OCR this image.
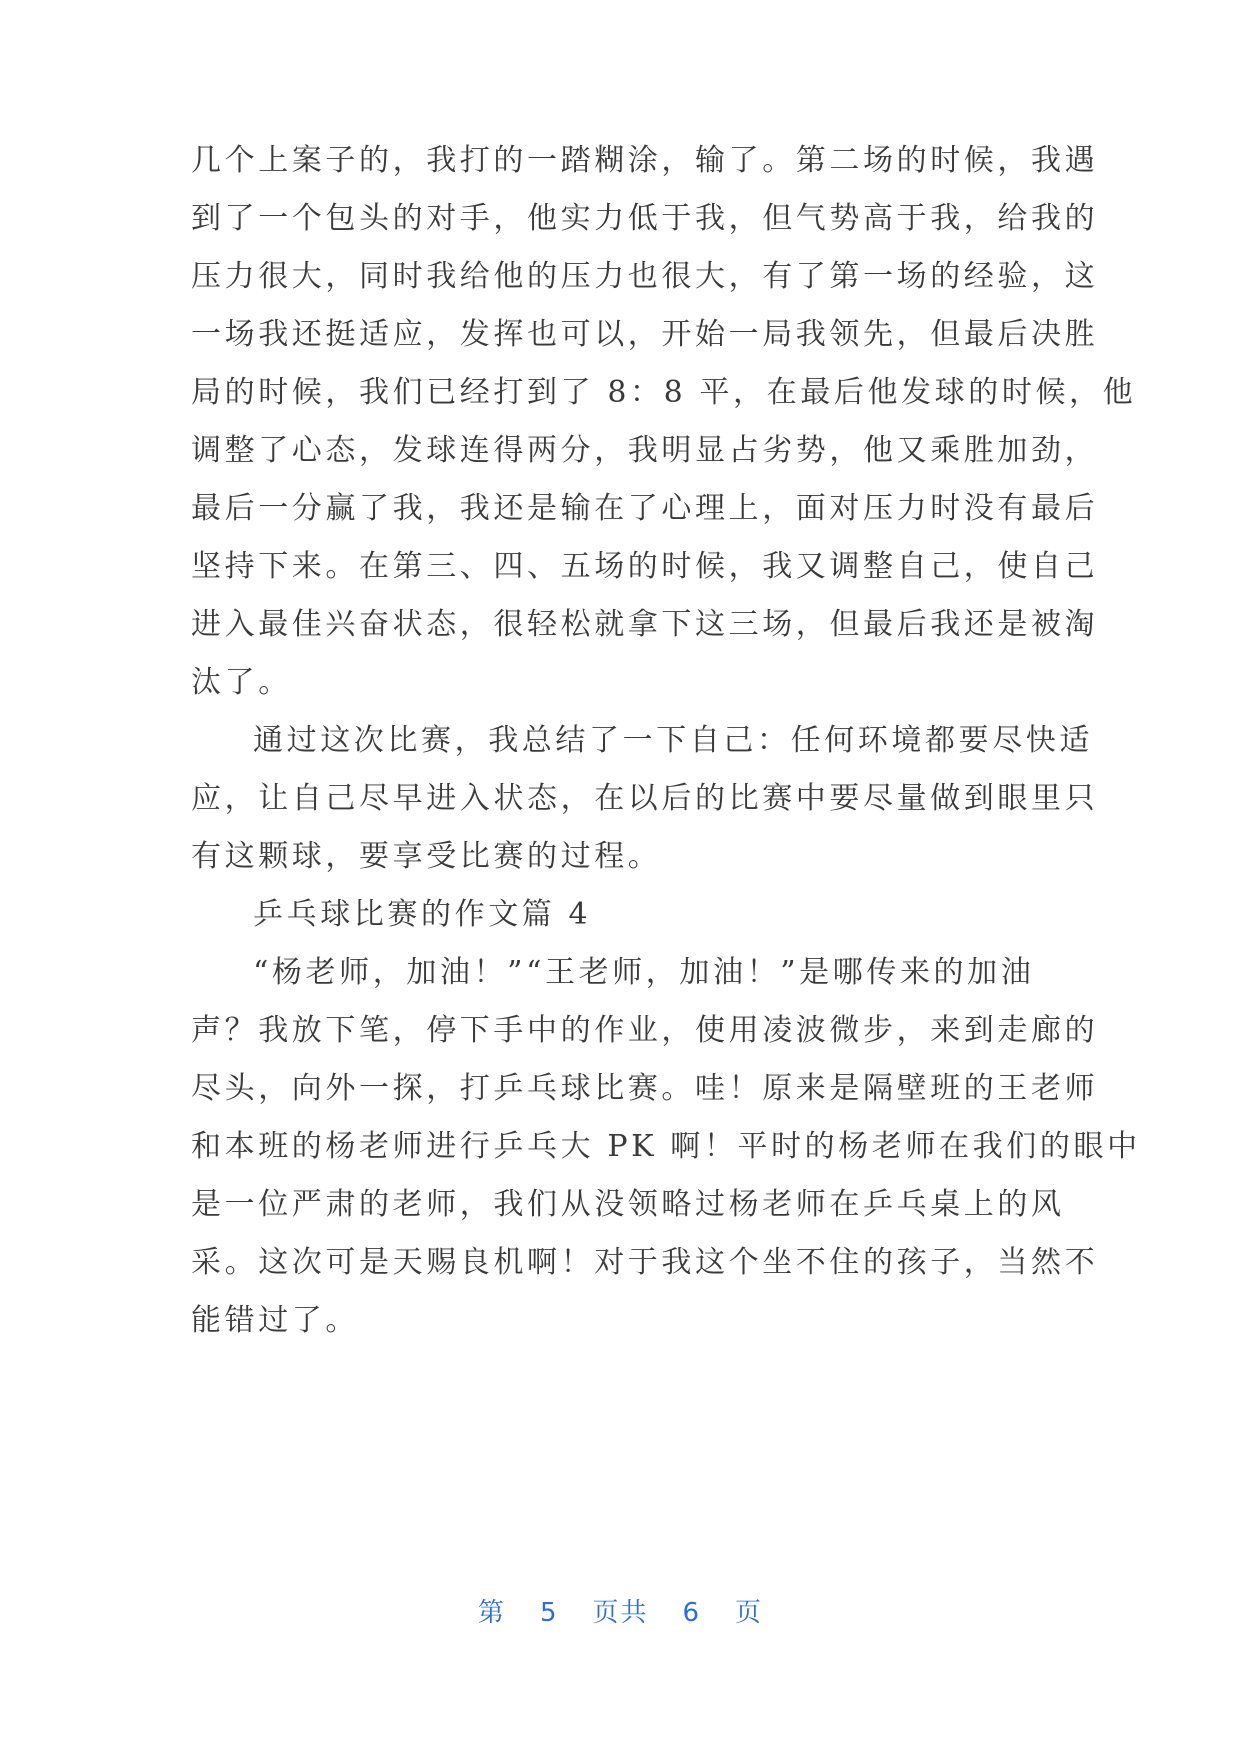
几个上案子的，我打的一踏糊涂，输了。第二场的时候，我遇
到了一个包头的对手，他实力低于我，但气势高于我，给我的
压力很大，同时我给他的压力也很大，有了第一场的经验，这
一场我还挺适应，发挥也可以，开始一局我领先，但最后决胜
局的时候，我们已经打到了 8：8 平，在最后他发球的时候，他
调整了心态，发球连得两分，我明显占劣势，他又乘胜加劲，
最后一分赢了我，我还是输在了心理上，面对压力时没有最后
坚持下来。在第三、四、五场的时候，我又调整自己，使自己
进入最佳兴奋状态，很轻松就拿下这三场，但最后我还是被淘
汰了。
通过这次比赛，我总结了一下自己：任何环境都要尽快适
应，让自己尽早进入状态，在以后的比赛中要尽量做到眼里只
有这颗球，要享受比赛的过程。
乒乓球比赛的作文篇 4
“杨老师，加油！”“王老师，加油！”是哪传来的加油
声？我放下笔，停下手中的作业，使用凌波微步，来到走廊的
尽头，向外一探，打乒乓球比赛。哇！原来是隔壁班的王老师
和本班的杨老师进行乒乓大 PK 啊！平时的杨老师在我们的眼中
是一位严肃的老师，我们从没领略过杨老师在乒乓桌上的风
采。这次可是天赐良机啊！对于我这个坐不住的孩子，当然不
能错过了。
第 5 页共 6 页
